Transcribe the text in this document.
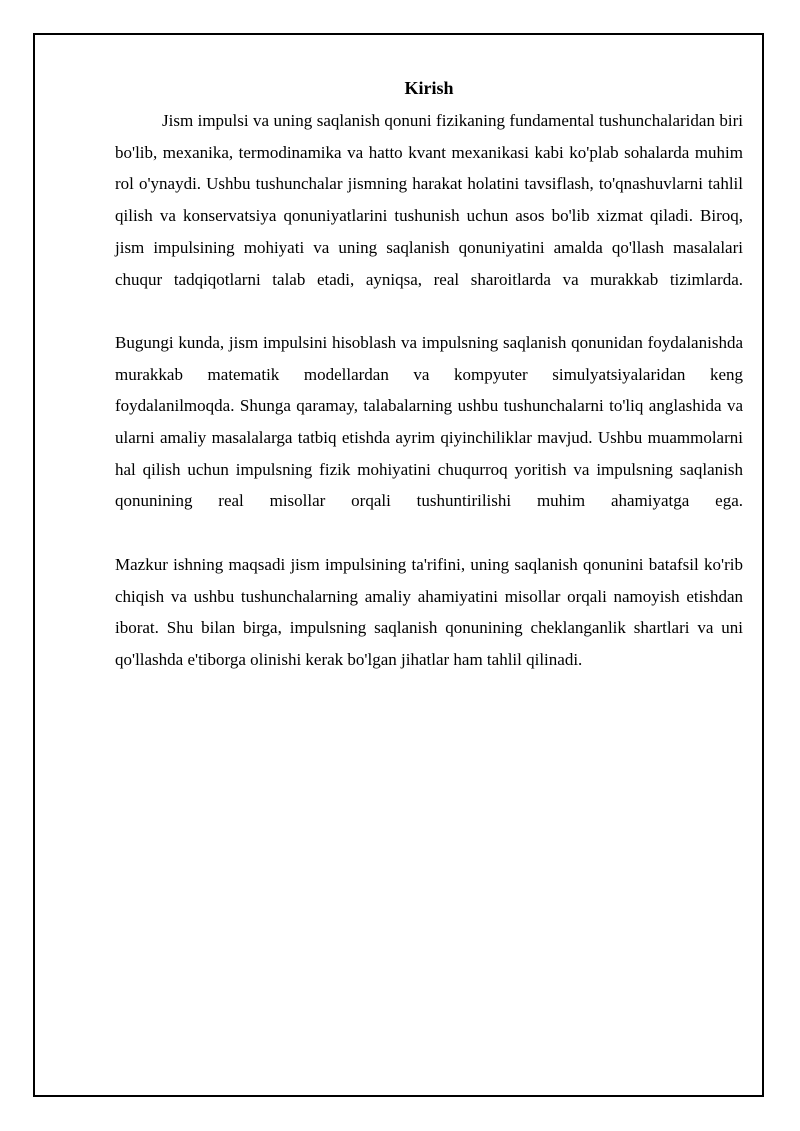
Kirish

Jism impulsi va uning saqlanish qonuni fizikaning fundamental tushunchalaridan biri bo'lib, mexanika, termodinamika va hatto kvant mexanikasi kabi ko'plab sohalarda muhim rol o'ynaydi. Ushbu tushunchalar jismning harakat holatini tavsiflash, to'qnashuvlarni tahlil qilish va konservatsiya qonuniyatlarini tushunish uchun asos bo'lib xizmat qiladi. Biroq, jism impulsining mohiyati va uning saqlanish qonuniyatini amalda qo'llash masalalari chuqur tadqiqotlarni talab etadi, ayniqsa, real sharoitlarda va murakkab tizimlarda.

Bugungi kunda, jism impulsini hisoblash va impulsning saqlanish qonunidan foydalanishda murakkab matematik modellardan va kompyuter simulyatsiyalaridan keng foydalanilmoqda. Shunga qaramay, talabalarning ushbu tushunchalarni to'liq anglashida va ularni amaliy masalalarga tatbiq etishda ayrim qiyinchiliklar mavjud. Ushbu muammolarni hal qilish uchun impulsning fizik mohiyatini chuqurroq yoritish va impulsning saqlanish qonunining real misollar orqali tushuntirilishi muhim ahamiyatga ega.

Mazkur ishning maqsadi jism impulsining ta'rifini, uning saqlanish qonunini batafsil ko'rib chiqish va ushbu tushunchalarning amaliy ahamiyatini misollar orqali namoyish etishdan iborat. Shu bilan birga, impulsning saqlanish qonunining cheklanganlik shartlari va uni qo'llashda e'tiborga olinishi kerak bo'lgan jihatlar ham tahlil qilinadi.
